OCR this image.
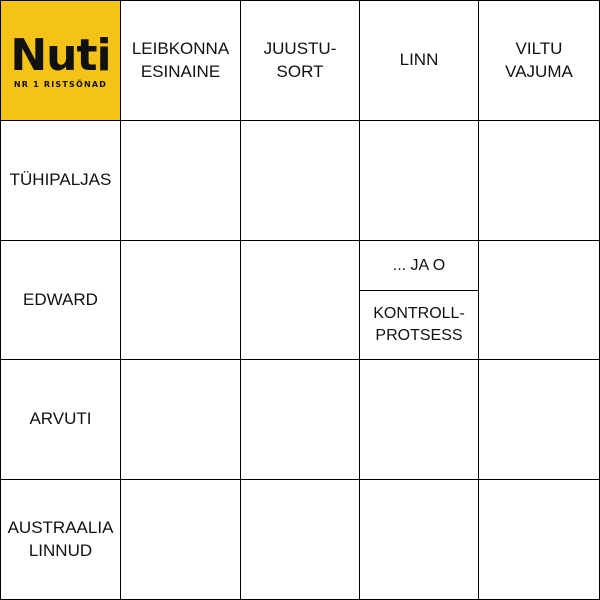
Nuti
NR 1 RISTSÕNAD
LEIBKONNA
ESINAINE
JUUSTU-
SORT
LINN
VILTU
VAJUMA
TÜHIPALJAS
EDWARD
ARVUTI
AUSTRAALIA
LINNUD
... JA O
KONTROLL-
PROTSESS
